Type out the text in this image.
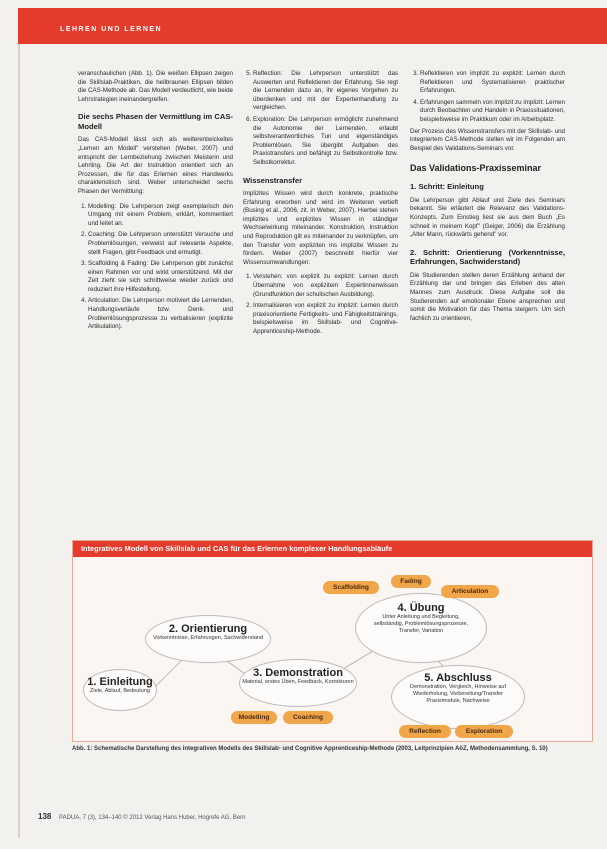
LEHREN UND LERNEN

veranschaulichen (Abb. 1). Die weißen Ellipsen zeigen die Skillslab-Praktiken, die hellbraunen Ellipsen bilden die CAS-Methode ab. Das Modell verdeutlicht, wie beide Lehrstrategien ineinandergreifen.

Die sechs Phasen der Vermittlung im CAS-Modell

Das CAS-Modell lässt sich als weiterentwickeltes „Lernen am Modell" verstehen (Weber, 2007) und entspricht der Lernbeziehung zwischen Meisterin und Lehrling. Die Art der Instruktion orientiert sich an Prozessen, die für das Erlernen eines Handwerks charakteristisch sind. Weber unterscheidet sechs Phasen der Vermittlung:

1. Modelling: Die Lehrperson zeigt exemplarisch den Umgang mit einem Problem, erklärt, kommentiert und leitet an.
2. Coaching: Die Lehrperson unterstützt Versuche und Problemlösungen, verweist auf relevante Aspekte, stellt Fragen, gibt Feedback und ermutigt.
3. Scaffolding & Fading: Die Lehrperson gibt zunächst einen Rahmen vor und wirkt unterstützend. Mit der Zeit zieht sie sich schrittweise wieder zurück und reduziert ihre Hilfestellung.
4. Articulation: Die Lehrperson motiviert die Lernenden, Handlungsverläufe bzw. Denk- und Problemlösungsprozesse zu verbalisieren (explizite Artikulation).
5. Reflection: Die Lehrperson unterstützt das Auswerten und Reflektieren der Erfahrung. Sie regt die Lernenden dazu an, ihr eigenes Vorgehen zu überdenken und mit der Expertenhandlung zu vergleichen.
6. Exploration: Die Lehrperson ermöglicht zunehmend die Autonomie der Lernenden, erlaubt selbstverantwortliches Tun und eigenständiges Problemlösen. Sie übergibt Aufgaben des Praxistransfers und befähigt zu Selbstkontrolle bzw. Selbstkorrektur.
Wissenstransfer

Implizites Wissen wird durch konkrete, praktische Erfahrung erworben und wird im Weiteren vertieft (Busing et al., 2006, zit. in Weber, 2007). Hierbei stehen implizites und explizites Wissen in ständiger Wechselwirkung miteinander. Konstruktion, Instruktion und Reproduktion gilt es miteinander zu verknüpfen, um den Transfer vom expliziten ins implizite Wissen zu fördern. Weber (2007) beschreibt hierfür vier Wissensumwandlungen:

1. Verstehen: von explizit zu explizit: Lernen durch Übernahme von explizitem Expertinnenwissen (Grundfunktion der schulischen Ausbildung).
2. Internalisieren von explizit zu implizit: Lernen durch praxisorientierte Fertigkeits- und Fähigkeitstrainings, beispielsweise im Skillslab- und Cognitive-Apprenticeship-Methode.
3. Reflektieren von implizit zu explizit: Lernen durch Reflektieren und Systematisieren praktischer Erfahrungen.
4. Erfahrungen sammeln von implizit zu implizit: Lernen durch Beobachten und Handeln in Praxissituationen, beispielsweise im Praktikum oder im Arbeitsplatz.

Der Prozess des Wissenstransfers mit der Skillslab- und integriertem CAS-Methode stellen wir im Folgenden am Beispiel des Validations-Seminars vor.

Das Validations-Praxisseminar
1. Schritt: Einleitung

Die Lehrperson gibt Ablauf und Ziele des Seminars bekannt. Sie erläutert die Relevanz des Validations-Konzepts. Zum Einstieg liest sie aus dem Buch „Es schneit in meinem Kopf" (Geiger, 2006) die Erzählung „Alter Mann, rückwärts gehend" vor.

2. Schritt: Orientierung (Vorkenntnisse, Erfahrungen, Sachwiderstand)

Die Studierenden stellen deren Erzählung anhand der Erzählung dar und bringen das Erleben des alten Mannes zum Ausdruck. Diese Aufgabe soll die Studierenden auf emotionaler Ebene ansprechen und somit die Motivation für das Thema steigern. Um sich fachlich zu orientieren,

Integratives Modell von Skillslab und CAS für das Erlernen komplexer Handlungsabläufe
1. Einleitung
Ziele, Ablauf, Bedeutung
2. Orientierung
Vorkenntnisse, Erfahrungen, Sachwiderstand
3. Demonstration
Material, erstes Üben, Feedback, Korrekturen
4. Übung
Unter Anleitung und Begleitung, selbständig, Problemlösungsprozesse, Transfer, Variation
5. Abschluss
Demonstration, Vergleich, Hinweise auf Wiederholung, Vorbereitung/Transfer Praxismodule, Nachweise
Modelling	Coaching
Scaffolding
Fading
Articulation
Reflection	Exploration
Abb. 1: Schematische Darstellung des integrativen Modells des Skillslab- und Cognitive Apprenticeship-Methode (2003, Leitprinzipien AöZ, Methodensammlung, S. 10)
138 PADUA, 7 (3), 134–140 © 2012 Verlag Hans Huber, Hogrefe AG, Bern
